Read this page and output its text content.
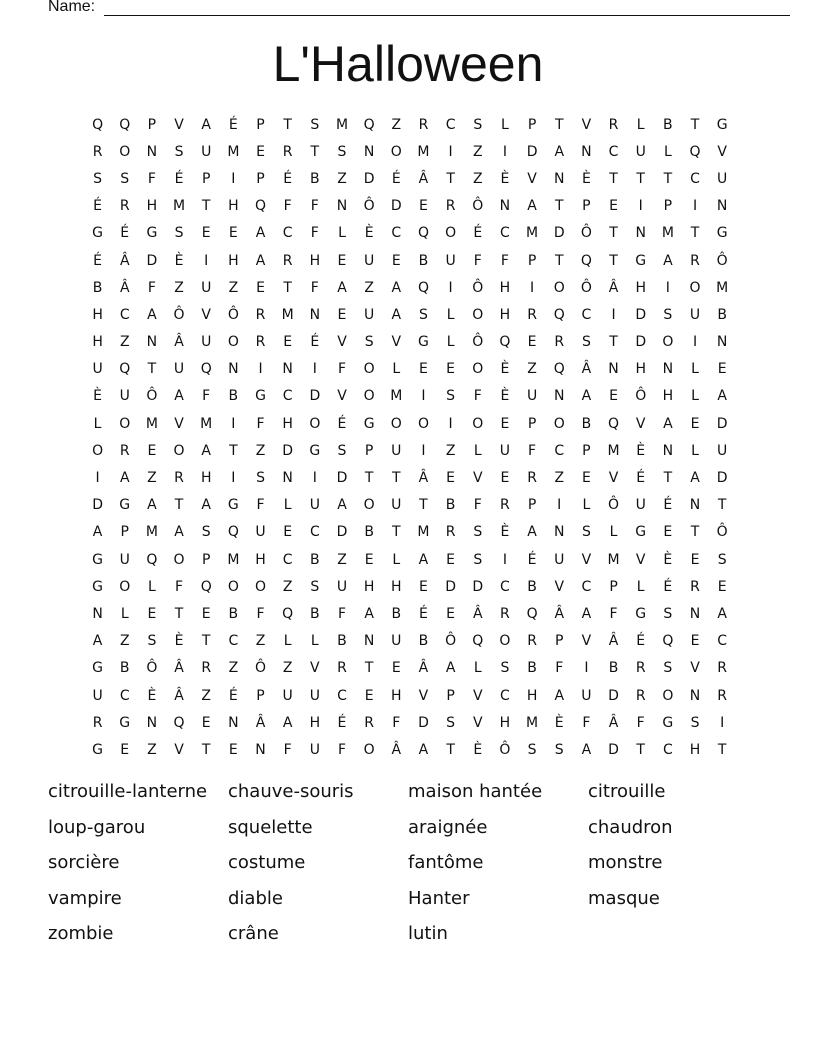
Name:
L'Halloween
Q	Q	P	V	A	É	P	T	S	M	Q	Z	R	C	S	L	P	T	V	R	L	B	T	G
R	O	N	S	U	M	E	R	T	S	N	O	M	I	Z	I	D	A	N	C	U	L	Q	V
S	S	F	É	P	I	P	É	B	Z	D	É	Â	T	Z	È	V	N	È	T	T	T	C	U
É	R	H	M	T	H	Q	F	F	N	Ô	D	E	R	Ô	N	A	T	P	E	I	P	I	N
G	É	G	S	E	E	A	C	F	L	È	C	Q	O	É	C	M	D	Ô	T	N	M	T	G
É	Â	D	È	I	H	A	R	H	E	U	E	B	U	F	F	P	T	Q	T	G	A	R	Ô
B	Â	F	Z	U	Z	E	T	F	A	Z	A	Q	I	Ô	H	I	O	Ô	Â	H	I	O	M
H	C	A	Ô	V	Ô	R	M	N	E	U	A	S	L	O	H	R	Q	C	I	D	S	U	B
H	Z	N	Â	U	O	R	E	É	V	S	V	G	L	Ô	Q	E	R	S	T	D	O	I	N
U	Q	T	U	Q	N	I	N	I	F	O	L	E	E	O	È	Z	Q	Â	N	H	N	L	E
È	U	Ô	A	F	B	G	C	D	V	O	M	I	S	F	È	U	N	A	E	Ô	H	L	A
L	O	M	V	M	I	F	H	O	É	G	O	O	I	O	E	P	O	B	Q	V	A	E	D
O	R	E	O	A	T	Z	D	G	S	P	U	I	Z	L	U	F	C	P	M	È	N	L	U
I	A	Z	R	H	I	S	N	I	D	T	T	Â	E	V	E	R	Z	E	V	É	T	A	D
D	G	A	T	A	G	F	L	U	A	O	U	T	B	F	R	P	I	L	Ô	U	É	N	T
A	P	M	A	S	Q	U	E	C	D	B	T	M	R	S	È	A	N	S	L	G	E	T	Ô
G	U	Q	O	P	M	H	C	B	Z	E	L	A	E	S	I	É	U	V	M	V	È	E	S
G	O	L	F	Q	O	O	Z	S	U	H	H	E	D	D	C	B	V	C	P	L	É	R	E
N	L	E	T	E	B	F	Q	B	F	A	B	É	E	Â	R	Q	Â	A	F	G	S	N	A
A	Z	S	È	T	C	Z	L	L	B	N	U	B	Ô	Q	O	R	P	V	Â	É	Q	E	C
G	B	Ô	Â	R	Z	Ô	Z	V	R	T	E	Â	A	L	S	B	F	I	B	R	S	V	R
U	C	È	Â	Z	É	P	U	U	C	E	H	V	P	V	C	H	A	U	D	R	O	N	R
R	G	N	Q	E	N	Â	A	H	É	R	F	D	S	V	H	M	È	F	Â	F	G	S	I
G	E	Z	V	T	E	N	F	U	F	O	Â	A	T	È	Ô	S	S	A	D	T	C	H	T
citrouille-lanterne	chauve-souris	maison hantée	citrouille
loup-garou	squelette	araignée	chaudron
sorcière	costume	fantôme	monstre
vampire	diable	Hanter	masque
zombie	crâne	lutin
